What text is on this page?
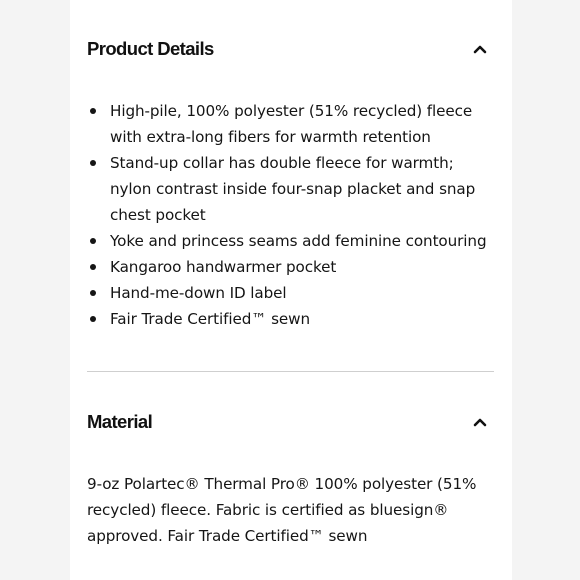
Product Details
High-pile, 100% polyester (51% recycled) fleece with extra-long fibers for warmth retention
Stand-up collar has double fleece for warmth; nylon contrast inside four-snap placket and snap chest pocket
Yoke and princess seams add feminine contouring
Kangaroo handwarmer pocket
Hand-me-down ID label
Fair Trade Certified™ sewn
Material

9-oz Polartec® Thermal Pro® 100% polyester (51% recycled) fleece. Fabric is certified as bluesign® approved. Fair Trade Certified™ sewn
